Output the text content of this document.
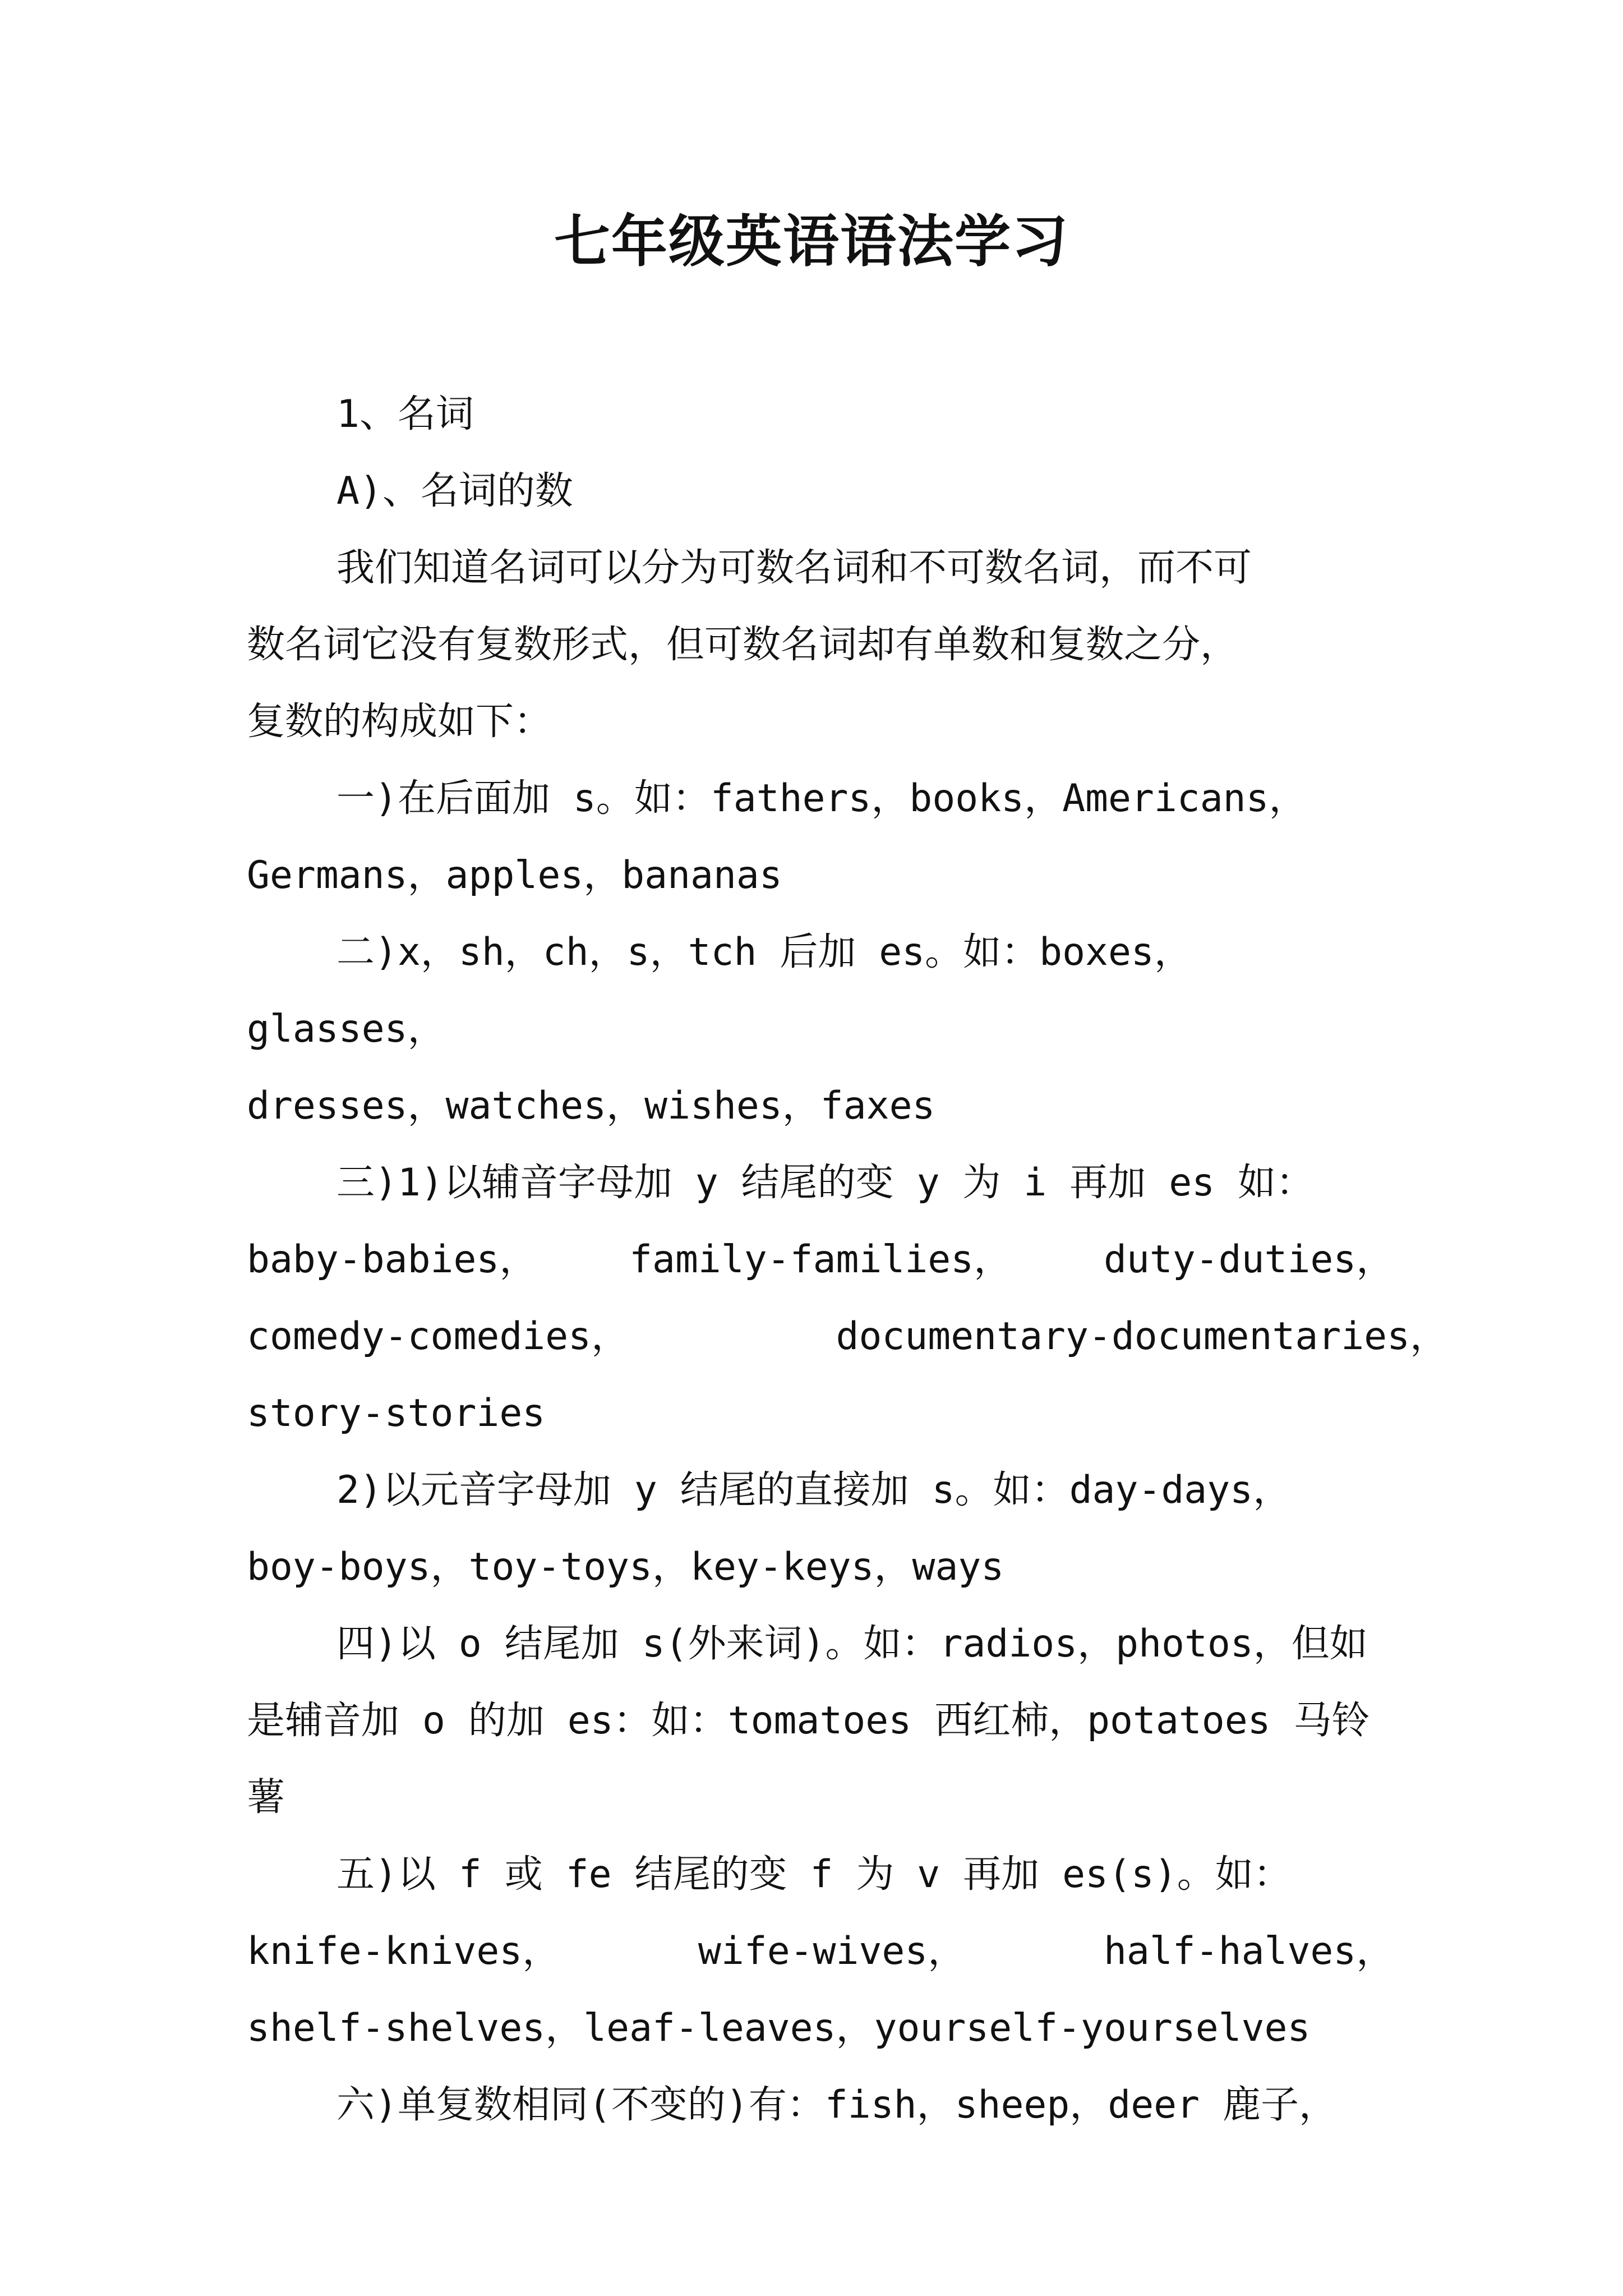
七年级英语语法学习

1、名词

A)、名词的数

我们知道名词可以分为可数名词和不可数名词，而不可
数名词它没有复数形式，但可数名词却有单数和复数之分，
复数的构成如下：

一)在后面加 s。如：fathers，books，Americans，
Germans，apples，bananas

二)x，sh，ch，s，tch 后加 es。如：boxes，glasses，
dresses，watches，wishes，faxes

三)1)以辅音字母加 y 结尾的变 y 为 i 再加 es 如：
baby-babies，    family-families，    duty-duties，
comedy-comedies，         documentary-documentaries，
story-stories

2)以元音字母加 y 结尾的直接加 s。如：day-days，
boy-boys，toy-toys，key-keys，ways

四)以 o 结尾加 s(外来词)。如：radios，photos，但如
是辅音加 o 的加 es：如：tomatoes 西红柿，potatoes 马铃
薯

五)以 f 或 fe 结尾的变 f 为 v 再加 es(s)。如：
knife-knives，      wife-wives，      half-halves，
shelf-shelves，leaf-leaves，yourself-yourselves

六)单复数相同(不变的)有：fish，sheep，deer 鹿子，
